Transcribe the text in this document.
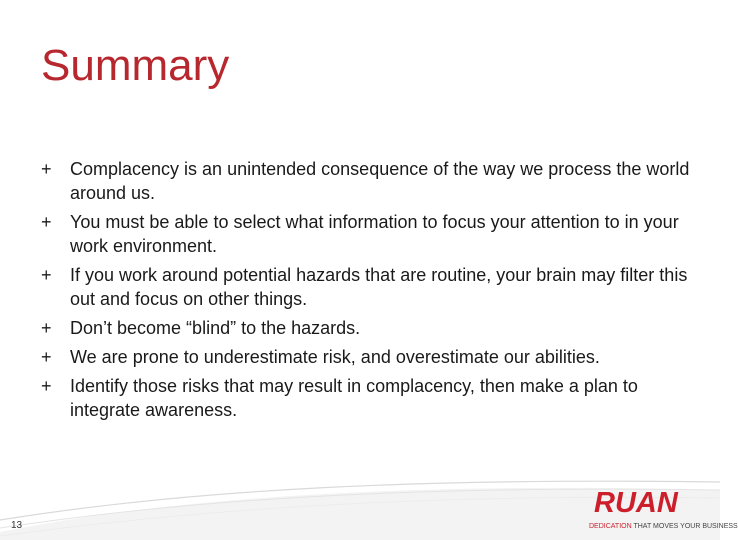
Summary
+ Complacency is an unintended consequence of the way we process the world around us.
+ You must be able to select what information to focus your attention to in your work environment.
+ If you work around potential hazards that are routine, your brain may filter this out and focus on other things.
+ Don’t become “blind” to the hazards.
+ We are prone to underestimate risk, and overestimate our abilities.
+ Identify those risks that may result in complacency, then make a plan to integrate awareness.
13
RUAN
DEDICATION THAT MOVES YOUR BUSINESS
